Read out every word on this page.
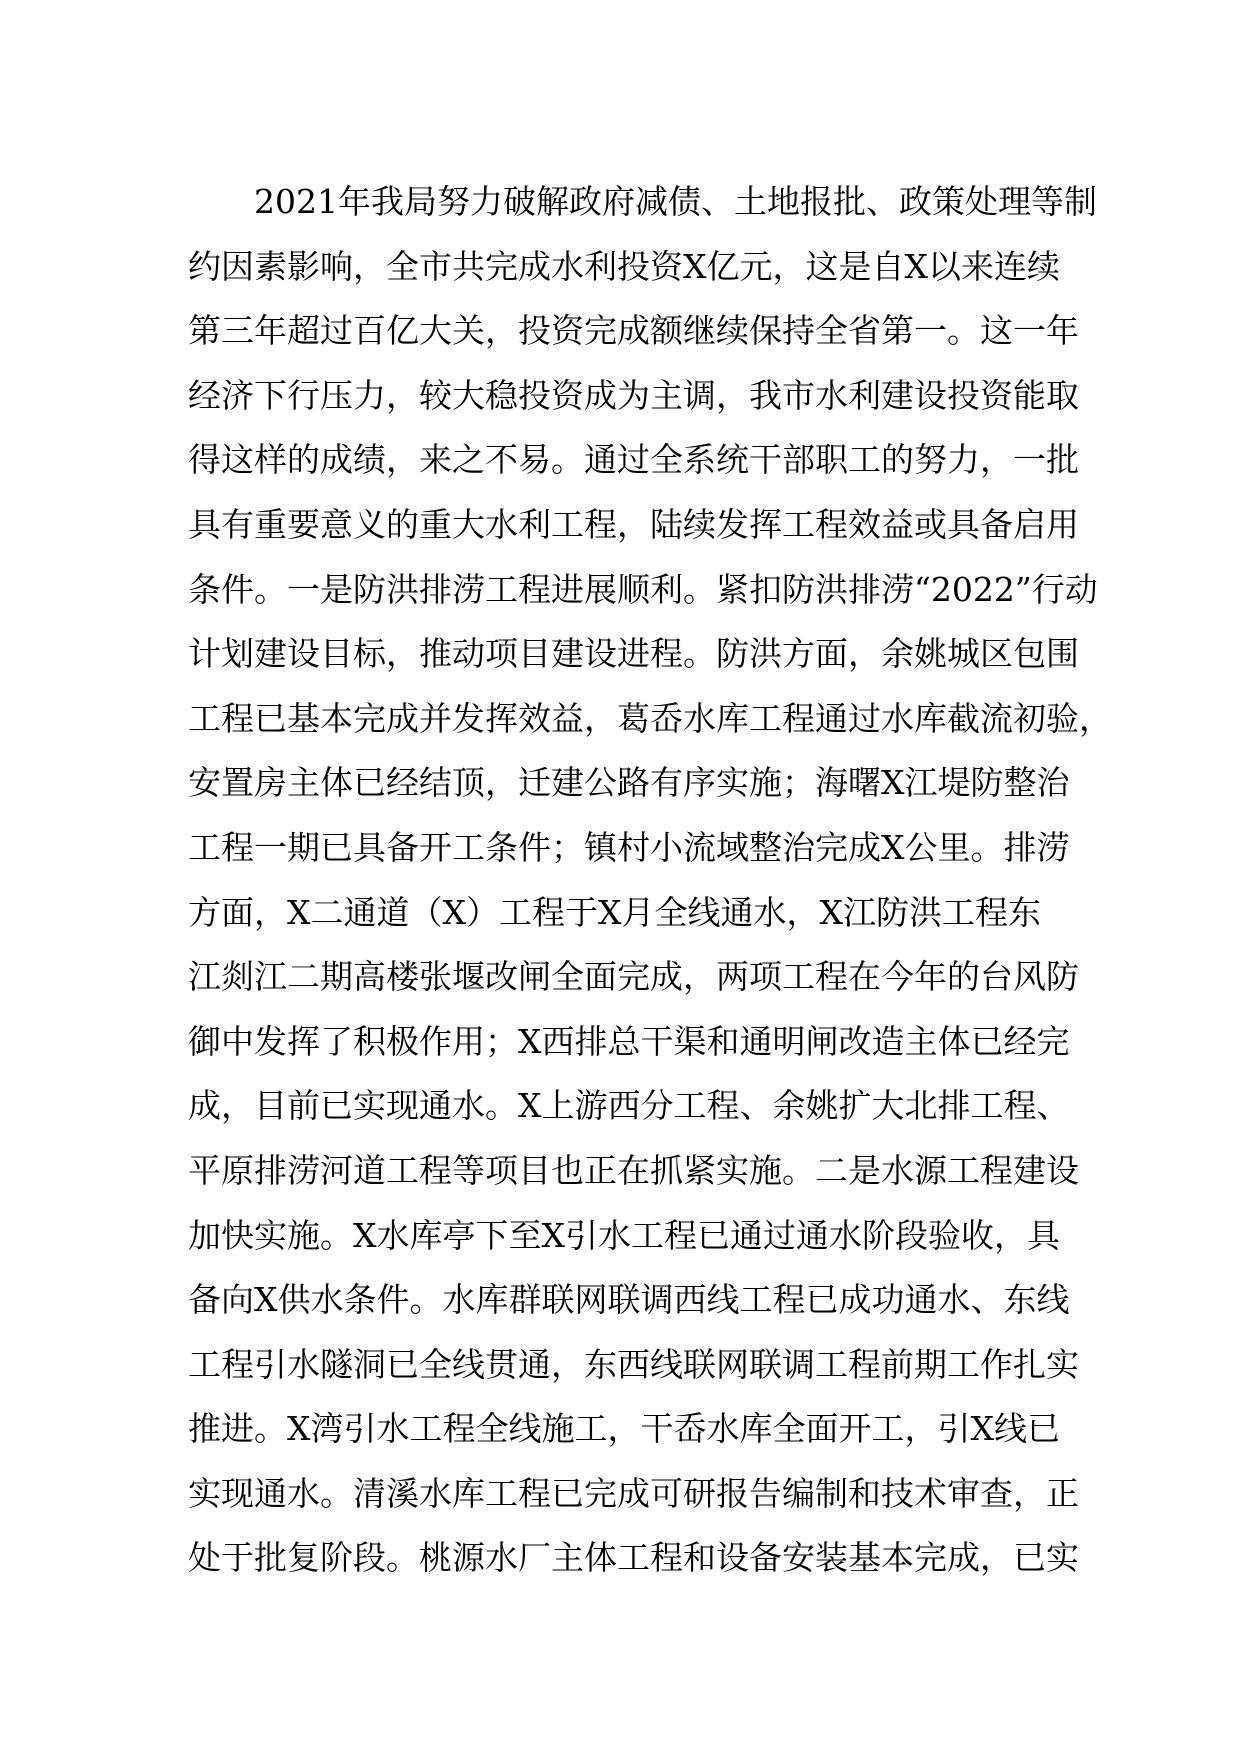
2021年我局努力破解政府减债、土地报批、政策处理等制
约因素影响，全市共完成水利投资X亿元，这是自X以来连续
第三年超过百亿大关，投资完成额继续保持全省第一。这一年
经济下行压力，较大稳投资成为主调，我市水利建设投资能取
得这样的成绩，来之不易。通过全系统干部职工的努力，一批
具有重要意义的重大水利工程，陆续发挥工程效益或具备启用
条件。一是防洪排涝工程进展顺利。紧扣防洪排涝“2022”行动
计划建设目标，推动项目建设进程。防洪方面，余姚城区包围
工程已基本完成并发挥效益，葛岙水库工程通过水库截流初验，
安置房主体已经结顶，迁建公路有序实施；海曙X江堤防整治
工程一期已具备开工条件；镇村小流域整治完成X公里。排涝
方面，X二通道（X）工程于X月全线通水，X江防洪工程东
江剡江二期高楼张堰改闸全面完成，两项工程在今年的台风防
御中发挥了积极作用；X西排总干渠和通明闸改造主体已经完
成，目前已实现通水。X上游西分工程、余姚扩大北排工程、
平原排涝河道工程等项目也正在抓紧实施。二是水源工程建设
加快实施。X水库亭下至X引水工程已通过通水阶段验收，具
备向X供水条件。水库群联网联调西线工程已成功通水、东线
工程引水隧洞已全线贯通，东西线联网联调工程前期工作扎实
推进。X湾引水工程全线施工，干岙水库全面开工，引X线已
实现通水。清溪水库工程已完成可研报告编制和技术审查，正
处于批复阶段。桃源水厂主体工程和设备安装基本完成，已实
